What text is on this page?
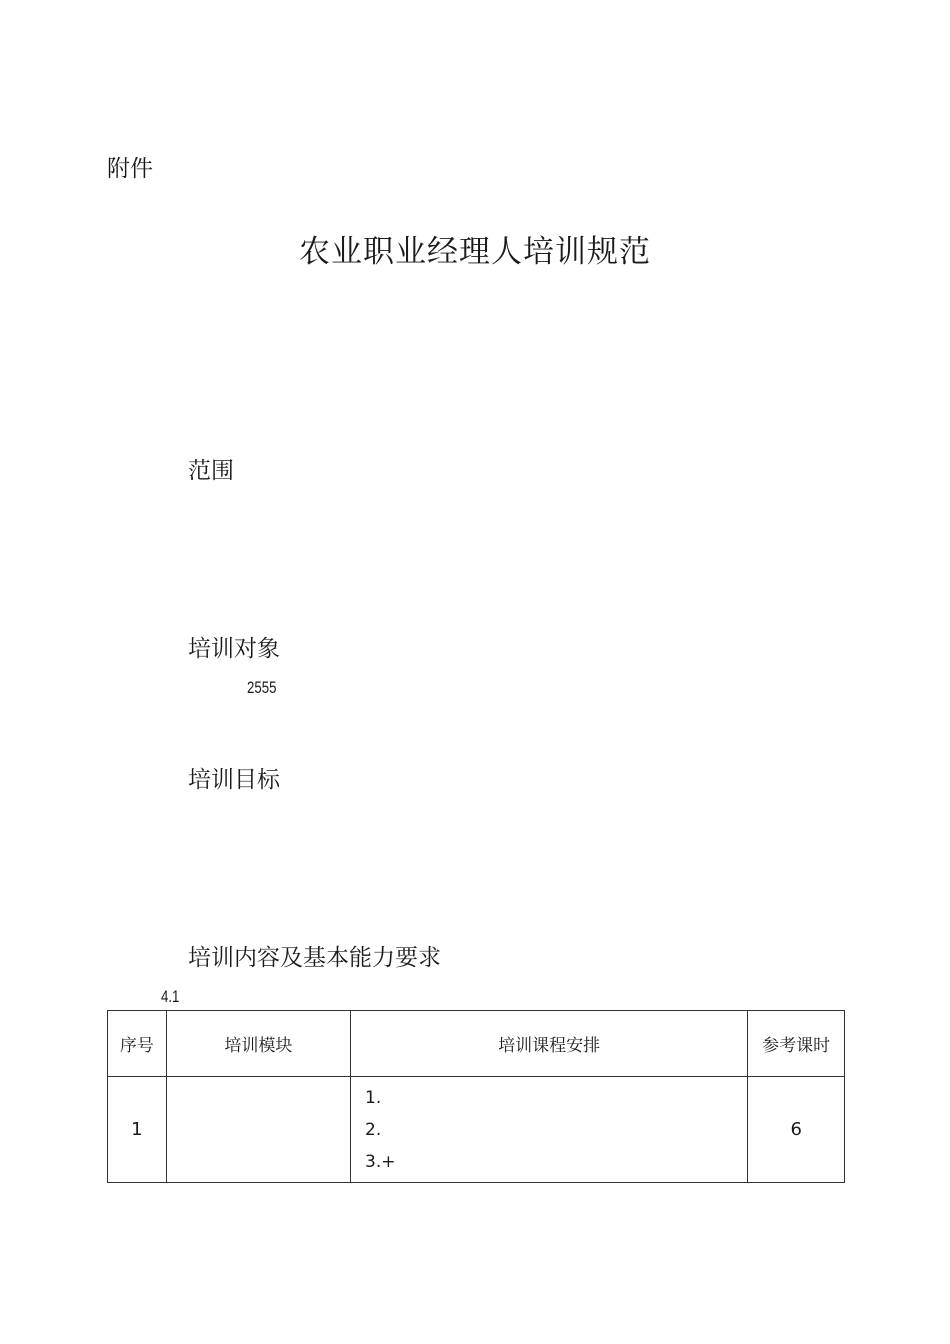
附件
农业职业经理人培训规范
范围
培训对象
2555
培训目标
培训内容及基本能力要求
4.1
序号	培训模块	培训课程安排	参考课时
1		1.
2.
3.+	6
